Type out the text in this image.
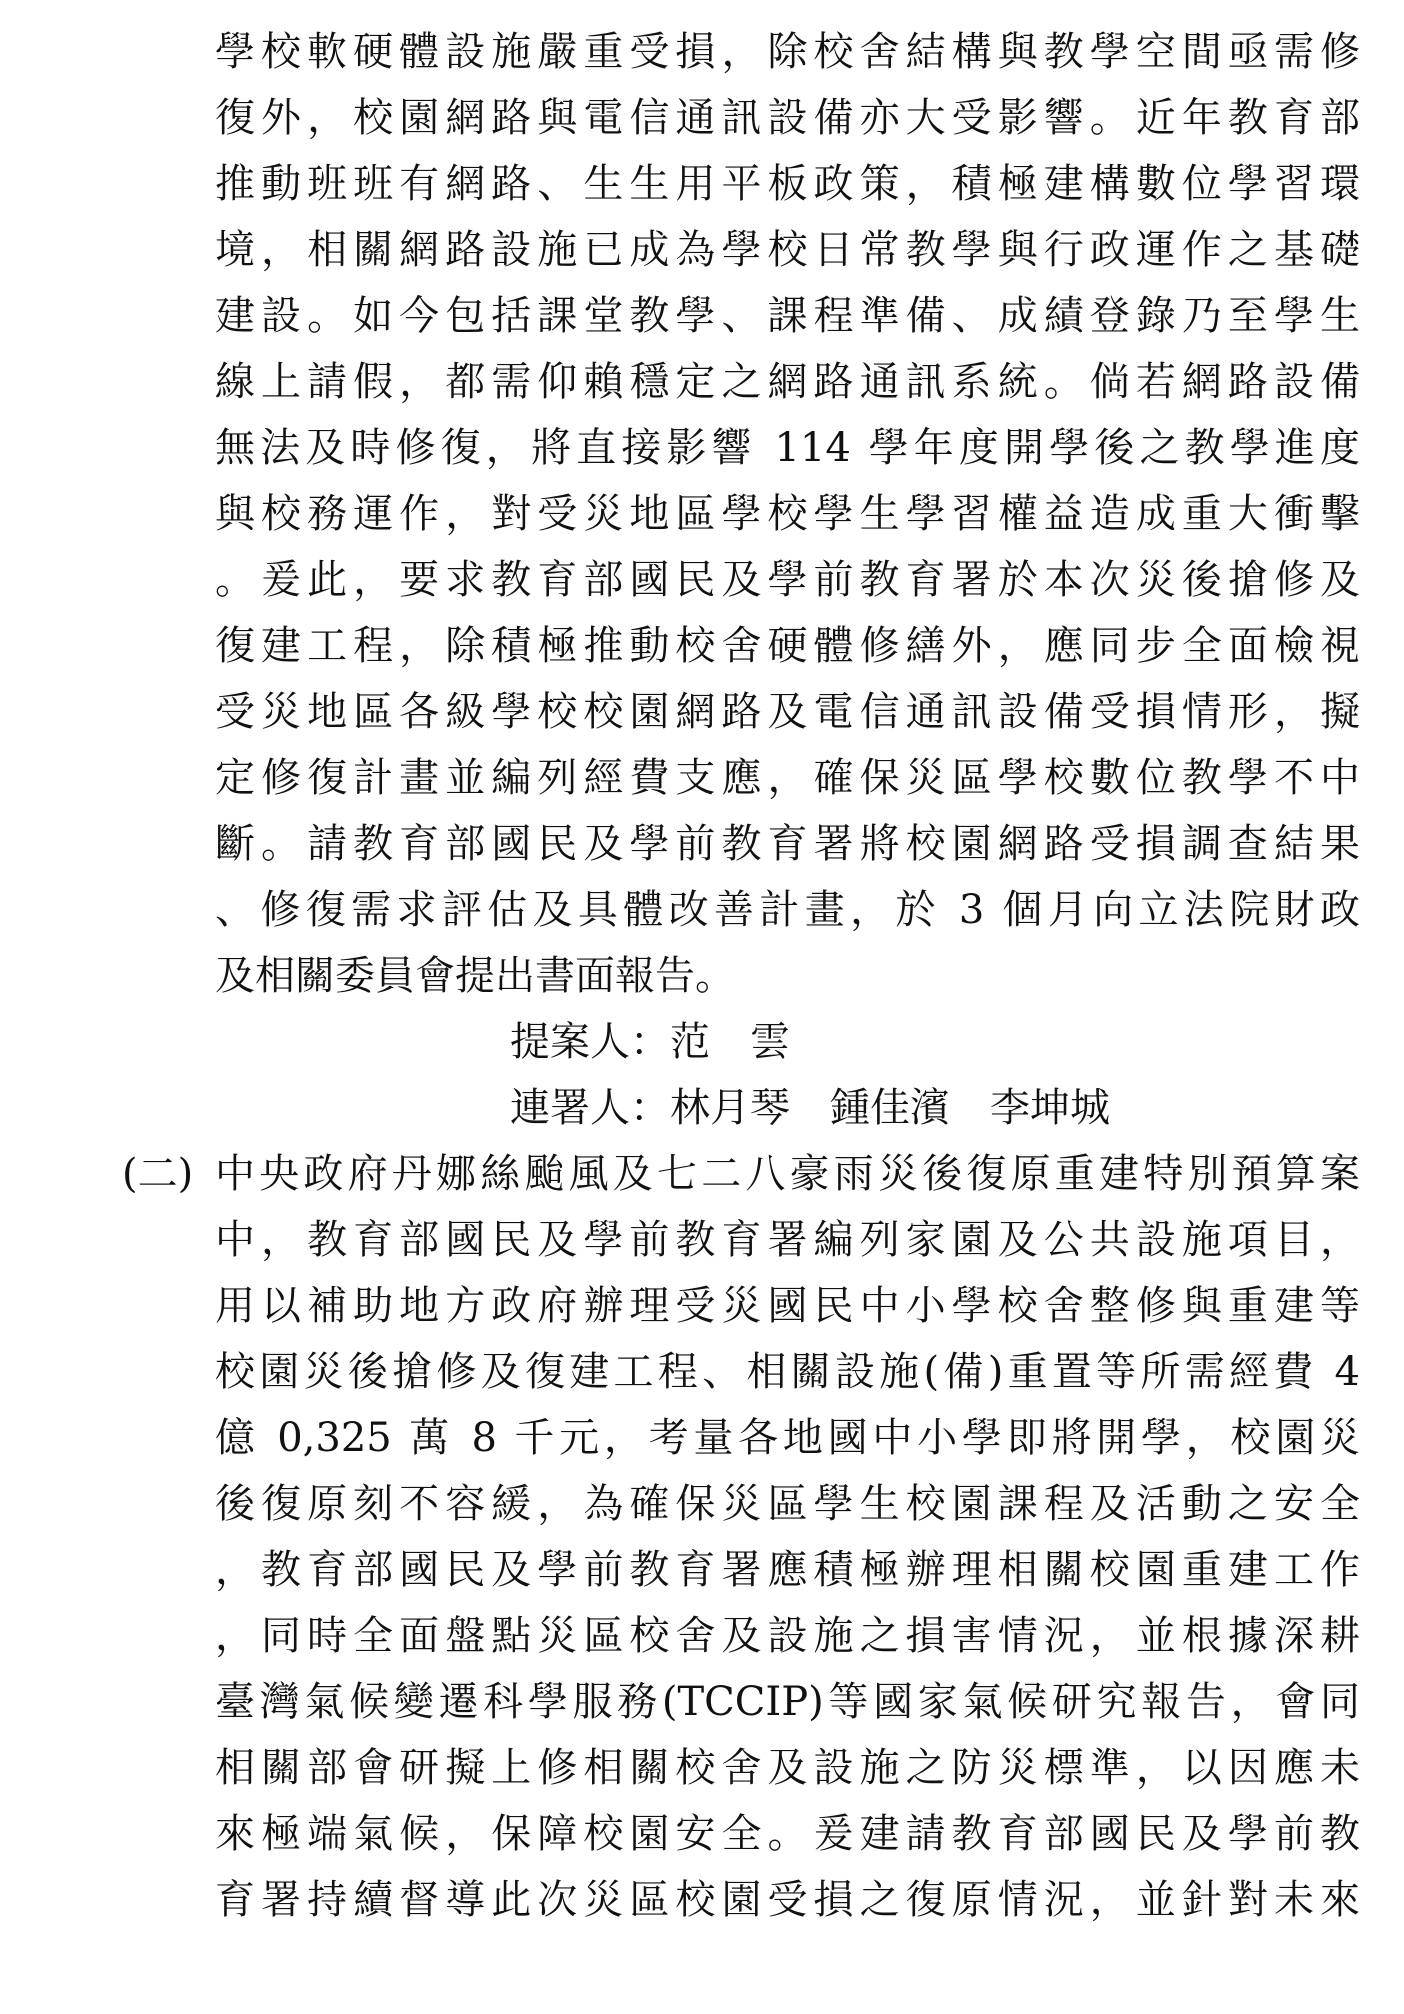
學校軟硬體設施嚴重受損，除校舍結構與教學空間亟需修
復外，校園網路與電信通訊設備亦大受影響。近年教育部
推動班班有網路、生生用平板政策，積極建構數位學習環
境，相關網路設施已成為學校日常教學與行政運作之基礎
建設。如今包括課堂教學、課程準備、成績登錄乃至學生
線上請假，都需仰賴穩定之網路通訊系統。倘若網路設備
無法及時修復，將直接影響 114 學年度開學後之教學進度
與校務運作，對受災地區學校學生學習權益造成重大衝擊
。爰此，要求教育部國民及學前教育署於本次災後搶修及
復建工程，除積極推動校舍硬體修繕外，應同步全面檢視
受災地區各級學校校園網路及電信通訊設備受損情形，擬
定修復計畫並編列經費支應，確保災區學校數位教學不中
斷。請教育部國民及學前教育署將校園網路受損調查結果
、修復需求評估及具體改善計畫，於 3 個月向立法院財政
及相關委員會提出書面報告。
提案人：范　雲
連署人：林月琴　鍾佳濱　李坤城
(二) 中央政府丹娜絲颱風及七二八豪雨災後復原重建特別預算案
中，教育部國民及學前教育署編列家園及公共設施項目，
用以補助地方政府辦理受災國民中小學校舍整修與重建等
校園災後搶修及復建工程、相關設施(備)重置等所需經費 4
億 0,325 萬 8 千元，考量各地國中小學即將開學，校園災
後復原刻不容緩，為確保災區學生校園課程及活動之安全
，教育部國民及學前教育署應積極辦理相關校園重建工作
，同時全面盤點災區校舍及設施之損害情況，並根據深耕
臺灣氣候變遷科學服務(TCCIP)等國家氣候研究報告，會同
相關部會研擬上修相關校舍及設施之防災標準，以因應未
來極端氣候，保障校園安全。爰建請教育部國民及學前教
育署持續督導此次災區校園受損之復原情況，並針對未來
